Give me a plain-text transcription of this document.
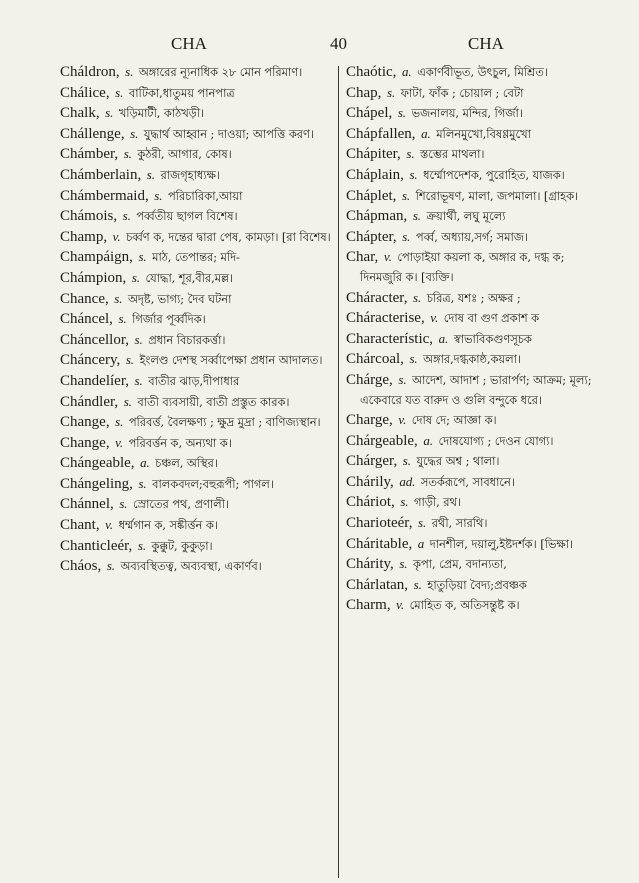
CHA	40	CHA
Cháldron, s. অঙ্গারের ন্যূনাধিক ২৮ মোন পরিমাণ।
Chálice, s. বাটিকা,ধাতুময় পানপাত্র
Chalk, s. খড়িমাটী, কাঠখড়ী।
Chállenge, s. যুদ্ধার্থ আহ্বান ; দাওয়া; আপত্তি করণ।
Chámber, s. কুঠরী, আগার, কোষ।
Chámberlain, s. রাজগৃহাধ্যক্ষ।
Chámbermaid, s. পরিচারিকা,আয়া
Chámois, s. পর্ব্বতীয় ছাগল বিশেষ।
Champ, v. চর্ব্বণ ক, দন্তের দ্বারা পেষ, কামড়া। [রা বিশেষ।
Champáign, s. মাঠ, তেপান্তর; মদি-
Chámpion, s. যোদ্ধা, শূর,বীর,মল্ল।
Chance, s. অদৃষ্ট, ভাগ্য; দৈব ঘটনা
Cháncel, s. গির্জার পূর্ব্বদিক।
Cháncellor, s. প্রধান বিচারকর্ত্তা।
Cháncery, s. ইংলণ্ড দেশস্থ সর্ব্বাপেক্ষা প্রধান আদালত।
Chandelíer, s. বাতীর ঝাড়,দীপাধার
Chándler, s. বাতী ব্যবসায়ী, বাতী প্রস্তুত কারক।
Change, s. পরিবর্ত্ত, বৈলক্ষণ্য ; ক্ষুদ্র মুদ্রা ; বাণিজ্যস্থান।
Change, v. পরিবর্ত্তন ক, অন্যথা ক।
Chángeable, a. চঞ্চল, অস্থির।
Chángeling, s. বালকবদল;বহুরূপী; পাগল।
Chánnel, s. স্রোতের পথ, প্রণালী।
Chant, v. ধর্ম্মগান ক, সঙ্কীর্ত্তন ক।
Chanticleér, s. কুক্কুট, কুকুড়া।
Cháos, s. অব্যবস্থিতত্ব, অব্যবস্থা, একার্ণব।
Chaótic, a. একার্ণবীভূত, উৎচুল, মিশ্রিত।
Chap, s. ফাটা, ফাঁক ; চোয়াল ; বেটা
Chápel, s. ভজনালয়, মন্দির, গির্জা।
Chápfallen, a. মলিনমুখো,বিষণ্ণমুখো
Chápiter, s. স্তম্ভের মাথলা।
Cháplain, s. ধর্ম্মোপদেশক, পুরোহিত, যাজক।
Cháplet, s. শিরোভূষণ, মালা, জপমালা। [গ্রাহক।
Chápman, s. ক্রয়ার্থী, লঘু মূল্যে
Chápter, s. পর্ব্ব, অধ্যায়,সর্গ; সমাজ।
Char, v. পোড়াইয়া কয়লা ক, অঙ্গার ক, দগ্ধ ক; দিনমজুরি ক। [ব্যক্তি।
Cháracter, s. চরিত্র, যশঃ ; অক্ষর ;
Cháracterise, v. দোষ বা গুণ প্রকাশ ক
Characterístic, a. স্বাভাবিকগুণসূচক
Chárcoal, s. অঙ্গার,দগ্ধকাষ্ঠ,কয়লা।
Chárge, s. আদেশ, আদাশ ; ভারার্পণ; আক্রম; মূল্য; একেবারে যত বারুদ ও গুলি বন্দুকে ধরে।
Charge, v. দোষ দে; আজ্ঞা ক।
Chárgeable, a. দোষযোগ্য ; দেওন যোগ্য।
Chárger, s. যুদ্ধের অশ্ব ; থালা।
Chárily, ad. সতর্করূপে, সাবধানে।
Cháriot, s. গাড়ী, রথ।
Charioteér, s. রথী, সারথি।
Cháritable, a দানশীল, দয়ালু,ইষ্টদর্শক। [ভিক্ষা।
Chárity, s. কৃপা, প্রেম, বদান্যতা,
Chárlatan, s. হাতুড়িয়া বৈদ্য;প্রবঞ্চক
Charm, v. মোহিত ক, অতিসন্তুষ্ট ক।
